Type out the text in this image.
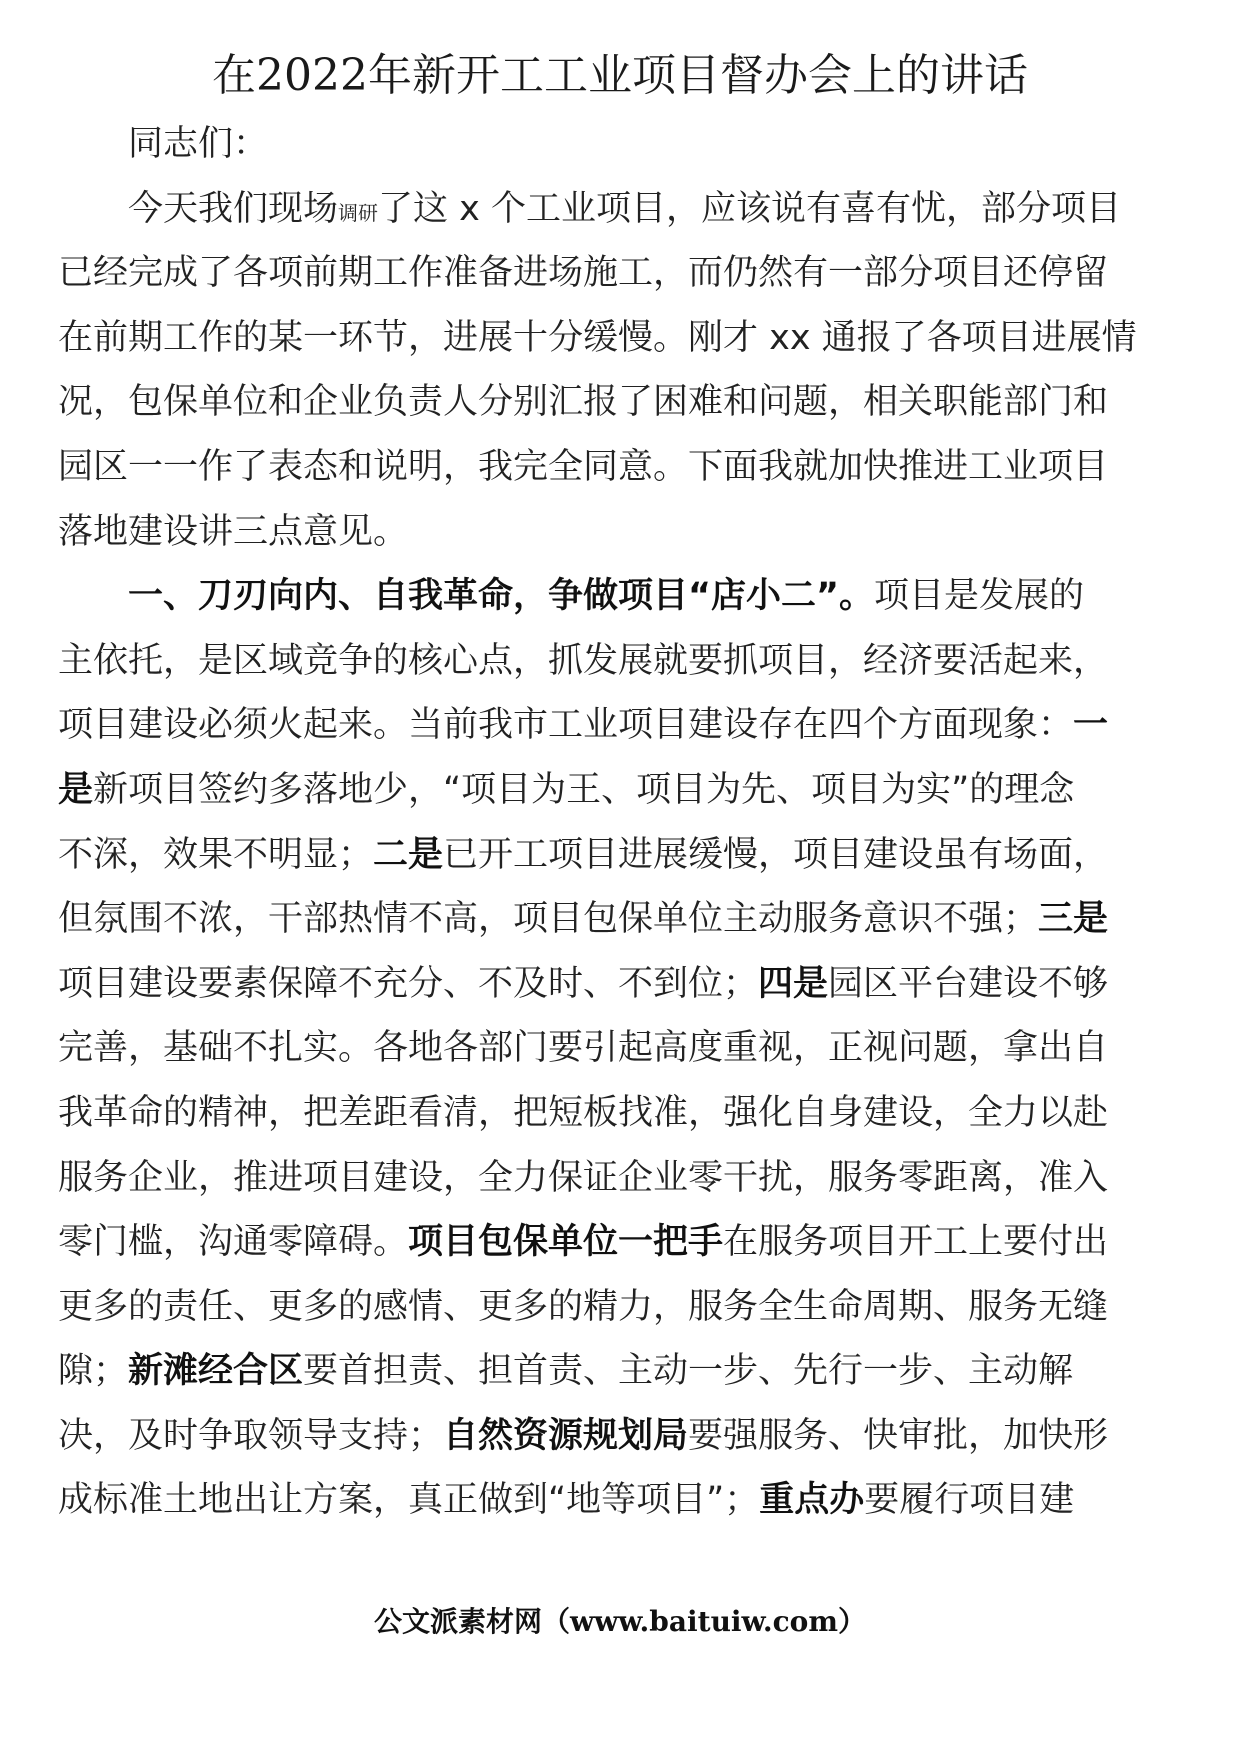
在2022年新开工工业项目督办会上的讲话
同志们：
今天我们现场调研了这 x 个工业项目，应该说有喜有忧，部分项目
已经完成了各项前期工作准备进场施工，而仍然有一部分项目还停留
在前期工作的某一环节，进展十分缓慢。刚才 xx 通报了各项目进展情
况，包保单位和企业负责人分别汇报了困难和问题，相关职能部门和
园区一一作了表态和说明，我完全同意。下面我就加快推进工业项目
落地建设讲三点意见。
一、刀刃向内、自我革命，争做项目“店小二”。项目是发展的
主依托，是区域竞争的核心点，抓发展就要抓项目，经济要活起来，
项目建设必须火起来。当前我市工业项目建设存在四个方面现象：一
是新项目签约多落地少，“项目为王、项目为先、项目为实”的理念
不深，效果不明显；二是已开工项目进展缓慢，项目建设虽有场面，
但氛围不浓，干部热情不高，项目包保单位主动服务意识不强；三是
项目建设要素保障不充分、不及时、不到位；四是园区平台建设不够
完善，基础不扎实。各地各部门要引起高度重视，正视问题，拿出自
我革命的精神，把差距看清，把短板找准，强化自身建设，全力以赴
服务企业，推进项目建设，全力保证企业零干扰，服务零距离，准入
零门槛，沟通零障碍。项目包保单位一把手在服务项目开工上要付出
更多的责任、更多的感情、更多的精力，服务全生命周期、服务无缝
隙；新滩经合区要首担责、担首责、主动一步、先行一步、主动解
决，及时争取领导支持；自然资源规划局要强服务、快审批，加快形
成标准土地出让方案，真正做到“地等项目”；重点办要履行项目建
公文派素材网（www.baituiw.com）
